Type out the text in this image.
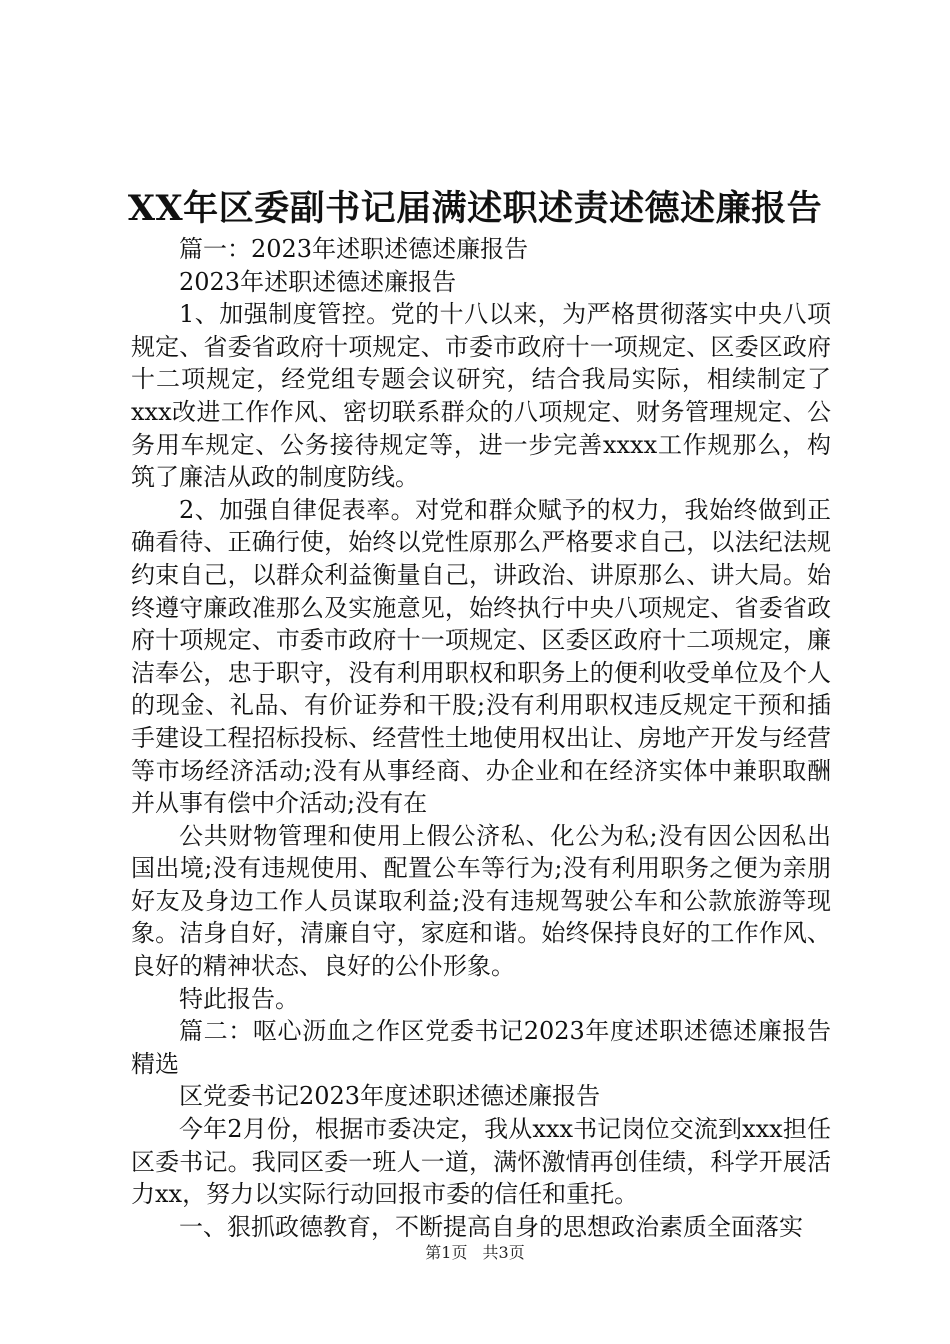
XX年区委副书记届满述职述责述德述廉报告

篇一：2023年述职述德述廉报告

2023年述职述德述廉报告

1、加强制度管控。党的十八以来，为严格贯彻落实中央八项规定、省委省政府十项规定、市委市政府十一项规定、区委区政府十二项规定，经党组专题会议研究，结合我局实际，相续制定了xxx改进工作作风、密切联系群众的八项规定、财务管理规定、公务用车规定、公务接待规定等，进一步完善xxxx工作规那么，构筑了廉洁从政的制度防线。

2、加强自律促表率。对党和群众赋予的权力，我始终做到正确看待、正确行使，始终以党性原那么严格要求自己，以法纪法规约束自己，以群众利益衡量自己，讲政治、讲原那么、讲大局。始终遵守廉政准那么及实施意见，始终执行中央八项规定、省委省政府十项规定、市委市政府十一项规定、区委区政府十二项规定，廉洁奉公，忠于职守，没有利用职权和职务上的便利收受单位及个人的现金、礼品、有价证券和干股;没有利用职权违反规定干预和插手建设工程招标投标、经营性土地使用权出让、房地产开发与经营等市场经济活动;没有从事经商、办企业和在经济实体中兼职取酬并从事有偿中介活动;没有在

公共财物管理和使用上假公济私、化公为私;没有因公因私出国出境;没有违规使用、配置公车等行为;没有利用职务之便为亲朋好友及身边工作人员谋取利益;没有违规驾驶公车和公款旅游等现象。洁身自好，清廉自守，家庭和谐。始终保持良好的工作作风、良好的精神状态、良好的公仆形象。

特此报告。

篇二：呕心沥血之作区党委书记2023年度述职述德述廉报告精选

区党委书记2023年度述职述德述廉报告

今年2月份，根据市委决定，我从xxx书记岗位交流到xxx担任区委书记。我同区委一班人一道，满怀激情再创佳绩，科学开展活力xx，努力以实际行动回报市委的信任和重托。

一、狠抓政德教育，不断提高自身的思想政治素质全面落实

第1页 共3页
